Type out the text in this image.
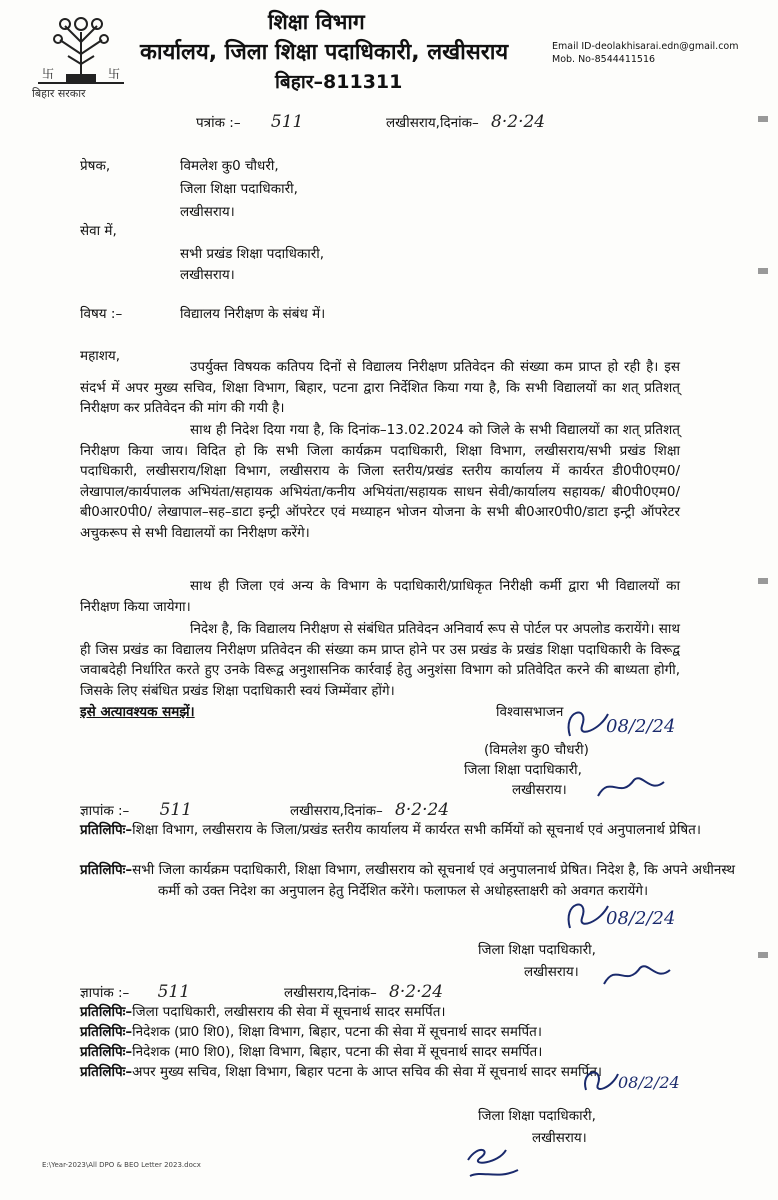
卐	卐
बिहार सरकार
शिक्षा विभाग
कार्यालय, जिला शिक्षा पदाधिकारी, लखीसराय
बिहार–811311
Email ID-deolakhisarai.edn@gmail.com
Mob. No-8544411516
पत्रांक :– 511	लखीसराय,दिनांक– 8·2·24
प्रेषक,	विमलेश कु0 चौधरी,
जिला शिक्षा पदाधिकारी,
लखीसराय।
सेवा में,
सभी प्रखंड शिक्षा पदाधिकारी,
लखीसराय।
विषय :–	विद्यालय निरीक्षण के संबंध में।
महाशय,

उपर्युक्त विषयक कतिपय दिनों से विद्यालय निरीक्षण प्रतिवेदन की संख्या कम प्राप्त हो रही है। इस संदर्भ में अपर मुख्य सचिव, शिक्षा विभाग, बिहार, पटना द्वारा निर्देशित किया गया है, कि सभी विद्यालयों का शत् प्रतिशत् निरीक्षण कर प्रतिवेदन की मांग की गयी है।

साथ ही निदेश दिया गया है, कि दिनांक–13.02.2024 को जिले के सभी विद्यालयों का शत् प्रतिशत् निरीक्षण किया जाय। विदित हो कि सभी जिला कार्यक्रम पदाधिकारी, शिक्षा विभाग, लखीसराय/सभी प्रखंड शिक्षा पदाधिकारी, लखीसराय/शिक्षा विभाग, लखीसराय के जिला स्तरीय/प्रखंड स्तरीय कार्यालय में कार्यरत डी0पी0एम0/ लेखापाल/कार्यपालक अभियंता/सहायक अभियंता/कनीय अभियंता/सहायक साधन सेवी/कार्यालय सहायक/ बी0पी0एम0/बी0आर0पी0/ लेखापाल–सह–डाटा इन्ट्री ऑपरेटर एवं मध्याहन भोजन योजना के सभी बी0आर0पी0/डाटा इन्ट्री ऑपरेटर अचुकरूप से सभी विद्यालयों का निरीक्षण करेंगे।

साथ ही जिला एवं अन्य के विभाग के पदाधिकारी/प्राधिकृत निरीक्षी कर्मी द्वारा भी विद्यालयों का निरीक्षण किया जायेगा।

निदेश है, कि विद्यालय निरीक्षण से संबंधित प्रतिवेदन अनिवार्य रूप से पोर्टल पर अपलोड करायेंगे। साथ ही जिस प्रखंड का विद्यालय निरीक्षण प्रतिवेदन की संख्या कम प्राप्त होने पर उस प्रखंड के प्रखंड शिक्षा पदाधिकारी के विरूद्व जवाबदेही निर्धारित करते हुए उनके विरूद्व अनुशासनिक कार्रवाई हेतु अनुशंसा विभाग को प्रतिवेदित करने की बाध्यता होगी, जिसके लिए संबंधित प्रखंड शिक्षा पदाधिकारी स्वयं जिम्मेंवार होंगे।

इसे अत्यावश्यक समझें।	विश्वासभाजन
08/2/24
(विमलेश कु0 चौधरी)
जिला शिक्षा पदाधिकारी,
लखीसराय।
ज्ञापांक :– 511	लखीसराय,दिनांक– 8·2·24
प्रतिलिपिः–शिक्षा विभाग, लखीसराय के जिला/प्रखंड स्तरीय कार्यालय में कार्यरत सभी कर्मियों को सूचनार्थ एवं अनुपालनार्थ प्रेषित।
प्रतिलिपिः–सभी जिला कार्यक्रम पदाधिकारी, शिक्षा विभाग, लखीसराय को सूचनार्थ एवं अनुपालनार्थ प्रेषित। निदेश है, कि अपने अधीनस्थ कर्मी को उक्त निदेश का अनुपालन हेतु निर्देशित करेंगे। फलाफल से अधोहस्ताक्षरी को अवगत करायेंगे।
08/2/24
जिला शिक्षा पदाधिकारी,
लखीसराय।
ज्ञापांक :– 511	लखीसराय,दिनांक– 8·2·24
प्रतिलिपिः–जिला पदाधिकारी, लखीसराय की सेवा में सूचनार्थ सादर समर्पित।
प्रतिलिपिः–निदेशक (प्रा0 शि0), शिक्षा विभाग, बिहार, पटना की सेवा में सूचनार्थ सादर समर्पित।
प्रतिलिपिः–निदेशक (मा0 शि0), शिक्षा विभाग, बिहार, पटना की सेवा में सूचनार्थ सादर समर्पित।
प्रतिलिपिः–अपर मुख्य सचिव, शिक्षा विभाग, बिहार पटना के आप्त सचिव की सेवा में सूचनार्थ सादर समर्पित।
08/2/24
जिला शिक्षा पदाधिकारी,
लखीसराय।
E:\Year-2023\All DPO & BEO Letter 2023.docx
